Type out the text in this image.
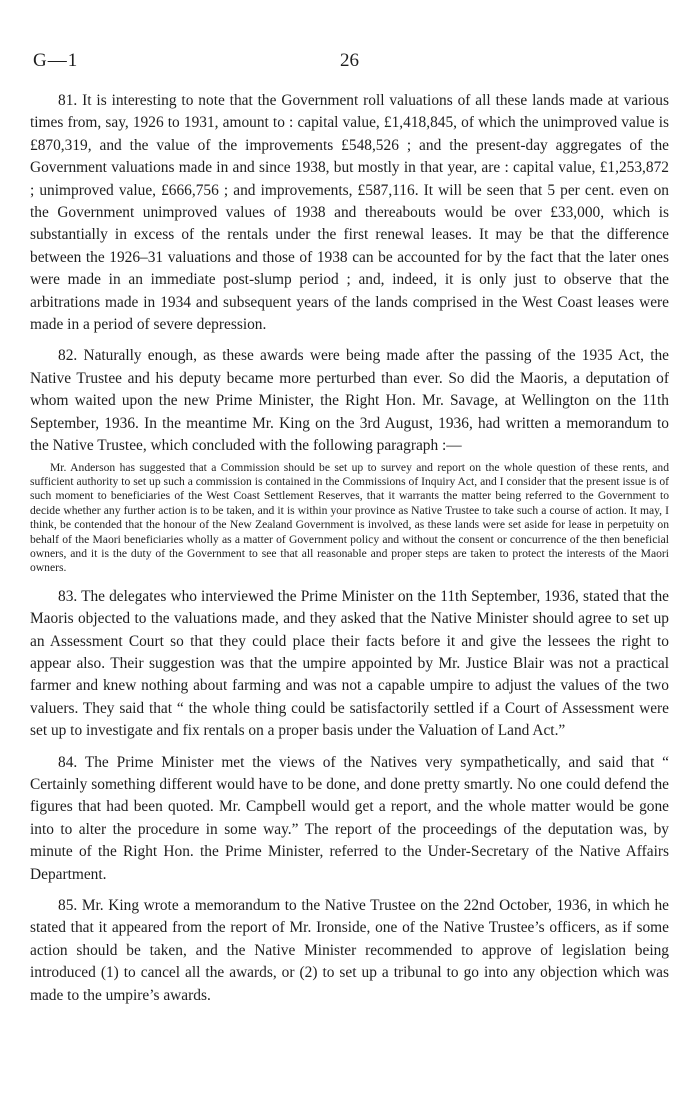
G—1	26

81. It is interesting to note that the Government roll valuations of all these lands made at various times from, say, 1926 to 1931, amount to : capital value, £1,418,845, of which the unimproved value is £870,319, and the value of the improvements £548,526 ; and the present-day aggregates of the Government valuations made in and since 1938, but mostly in that year, are : capital value, £1,253,872 ; unimproved value, £666,756 ; and improvements, £587,116. It will be seen that 5 per cent. even on the Government unimproved values of 1938 and thereabouts would be over £33,000, which is substantially in excess of the rentals under the first renewal leases. It may be that the difference between the 1926–31 valuations and those of 1938 can be accounted for by the fact that the later ones were made in an immediate post-slump period ; and, indeed, it is only just to observe that the arbitrations made in 1934 and subsequent years of the lands comprised in the West Coast leases were made in a period of severe depression.

82. Naturally enough, as these awards were being made after the passing of the 1935 Act, the Native Trustee and his deputy became more perturbed than ever. So did the Maoris, a deputation of whom waited upon the new Prime Minister, the Right Hon. Mr. Savage, at Wellington on the 11th September, 1936. In the meantime Mr. King on the 3rd August, 1936, had written a memorandum to the Native Trustee, which concluded with the following paragraph :—

Mr. Anderson has suggested that a Commission should be set up to survey and report on the whole question of these rents, and sufficient authority to set up such a commission is contained in the Commissions of Inquiry Act, and I consider that the present issue is of such moment to beneficiaries of the West Coast Settlement Reserves, that it warrants the matter being referred to the Government to decide whether any further action is to be taken, and it is within your province as Native Trustee to take such a course of action. It may, I think, be contended that the honour of the New Zealand Government is involved, as these lands were set aside for lease in perpetuity on behalf of the Maori beneficiaries wholly as a matter of Government policy and without the consent or concurrence of the then beneficial owners, and it is the duty of the Government to see that all reasonable and proper steps are taken to protect the interests of the Maori owners.

83. The delegates who interviewed the Prime Minister on the 11th September, 1936, stated that the Maoris objected to the valuations made, and they asked that the Native Minister should agree to set up an Assessment Court so that they could place their facts before it and give the lessees the right to appear also. Their suggestion was that the umpire appointed by Mr. Justice Blair was not a practical farmer and knew nothing about farming and was not a capable umpire to adjust the values of the two valuers. They said that “ the whole thing could be satisfactorily settled if a Court of Assessment were set up to investigate and fix rentals on a proper basis under the Valuation of Land Act.”

84. The Prime Minister met the views of the Natives very sympathetically, and said that “ Certainly something different would have to be done, and done pretty smartly. No one could defend the figures that had been quoted. Mr. Campbell would get a report, and the whole matter would be gone into to alter the procedure in some way.” The report of the proceedings of the deputation was, by minute of the Right Hon. the Prime Minister, referred to the Under-Secretary of the Native Affairs Department.

85. Mr. King wrote a memorandum to the Native Trustee on the 22nd October, 1936, in which he stated that it appeared from the report of Mr. Ironside, one of the Native Trustee’s officers, as if some action should be taken, and the Native Minister recommended to approve of legislation being introduced (1) to cancel all the awards, or (2) to set up a tribunal to go into any objection which was made to the umpire’s awards.
